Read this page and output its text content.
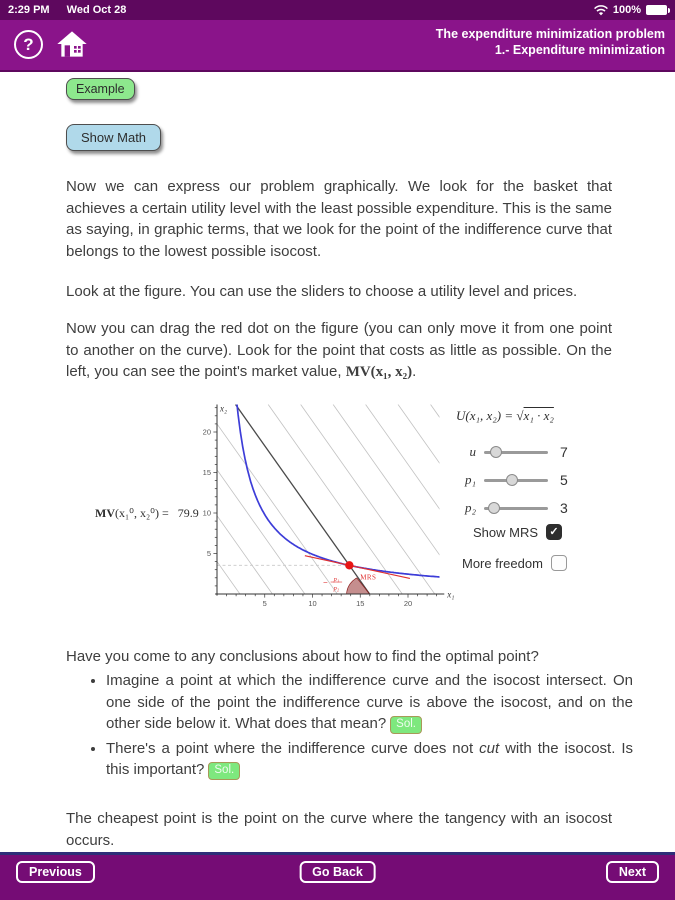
2:29 PM Wed Oct 28	100%
?
The expenditure minimization problem
1.- Expenditure minimization
Example
Show Math
Now we can express our problem graphically. We look for the basket that achieves a certain utility level with the least possible expenditure. This is the same as saying, in graphic terms, that we look for the point of the indifference curve that belongs to the lowest possible isocost.
Look at the figure. You can use the sliders to choose a utility level and prices.
Now you can drag the red dot on the figure (you can only move it from one point to another on the curve). Look for the point that costs as little as possible. On the left, you can see the point's market value, MV(x₁, x₂).
MV(x₁⁰, x₂⁰) = 79.9
5
5
10
10
15
15
20
20
x₁
x₂
MRS
− p₁
p₂
U(x₁, x₂) = √x₁ · x₂
u	7
p₁	5
p₂	3
Show MRS	✓
More freedom
Have you come to any conclusions about how to find the optimal point?
• Imagine a point at which the indifference curve and the isocost intersect. On one side of the point the indifference curve is above the isocost, and on the other side below it. What does that mean? Sol.
• There's a point where the indifference curve does not cut with the isocost. Is this important? Sol.
The cheapest point is the point on the curve where the tangency with an isocost occurs.
Previous	Go Back	Next
